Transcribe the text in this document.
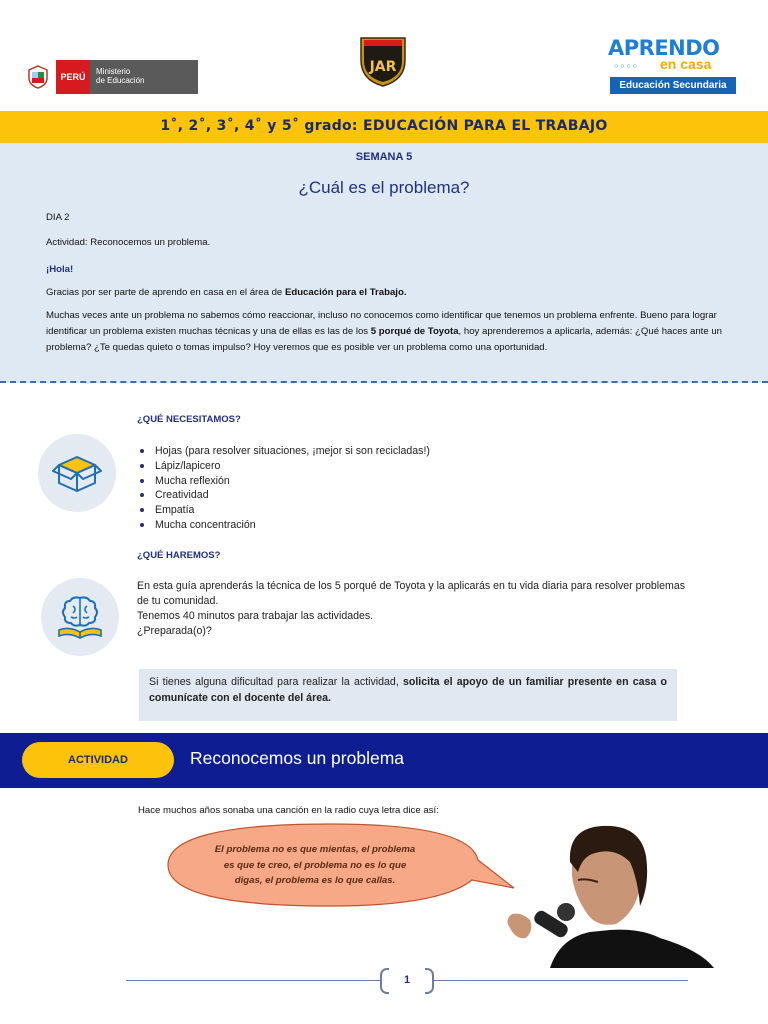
PERÚ
Ministerio
de Educación
JAR
APRENDO
○○○○ en casa
Educación Secundaria
1˚, 2˚, 3˚, 4˚ y 5˚ grado: EDUCACIÓN PARA EL TRABAJO
SEMANA 5
¿Cuál es el problema?
DIA 2
Actividad: Reconocemos un problema.
¡Hola!
Gracias por ser parte de aprendo en casa en el área de Educación para el Trabajo.
Muchas veces ante un problema no sabemos cómo reaccionar, incluso no conocemos como identificar que tenemos un problema enfrente. Bueno para lograr identificar un problema existen muchas técnicas y una de ellas es las de los 5 porqué de Toyota, hoy aprenderemos a aplicarla, además: ¿Qué haces ante un problema? ¿Te quedas quieto o tomas impulso? Hoy veremos que es posible ver un problema como una oportunidad.
¿QUÉ NECESITAMOS?
Hojas (para resolver situaciones, ¡mejor si son recicladas!)
Lápiz/lapicero
Mucha reflexión
Creatividad
Empatía
Mucha concentración
¿QUÉ HAREMOS?
En esta guía aprenderás la técnica de los 5 porqué de Toyota y la aplicarás en tu vida diaria para resolver problemas de tu comunidad.
Tenemos 40 minutos para trabajar las actividades.
¿Preparada(o)?
Si tienes alguna dificultad para realizar la actividad, solicita el apoyo de un familiar presente en casa o comunícate con el docente del área.
ACTIVIDAD	Reconocemos un problema
Hace muchos años sonaba una canción en la radio cuya letra dice así:
El problema no es que mientas, el problema es que te creo, el problema no es lo que digas, el problema es lo que callas.
1
